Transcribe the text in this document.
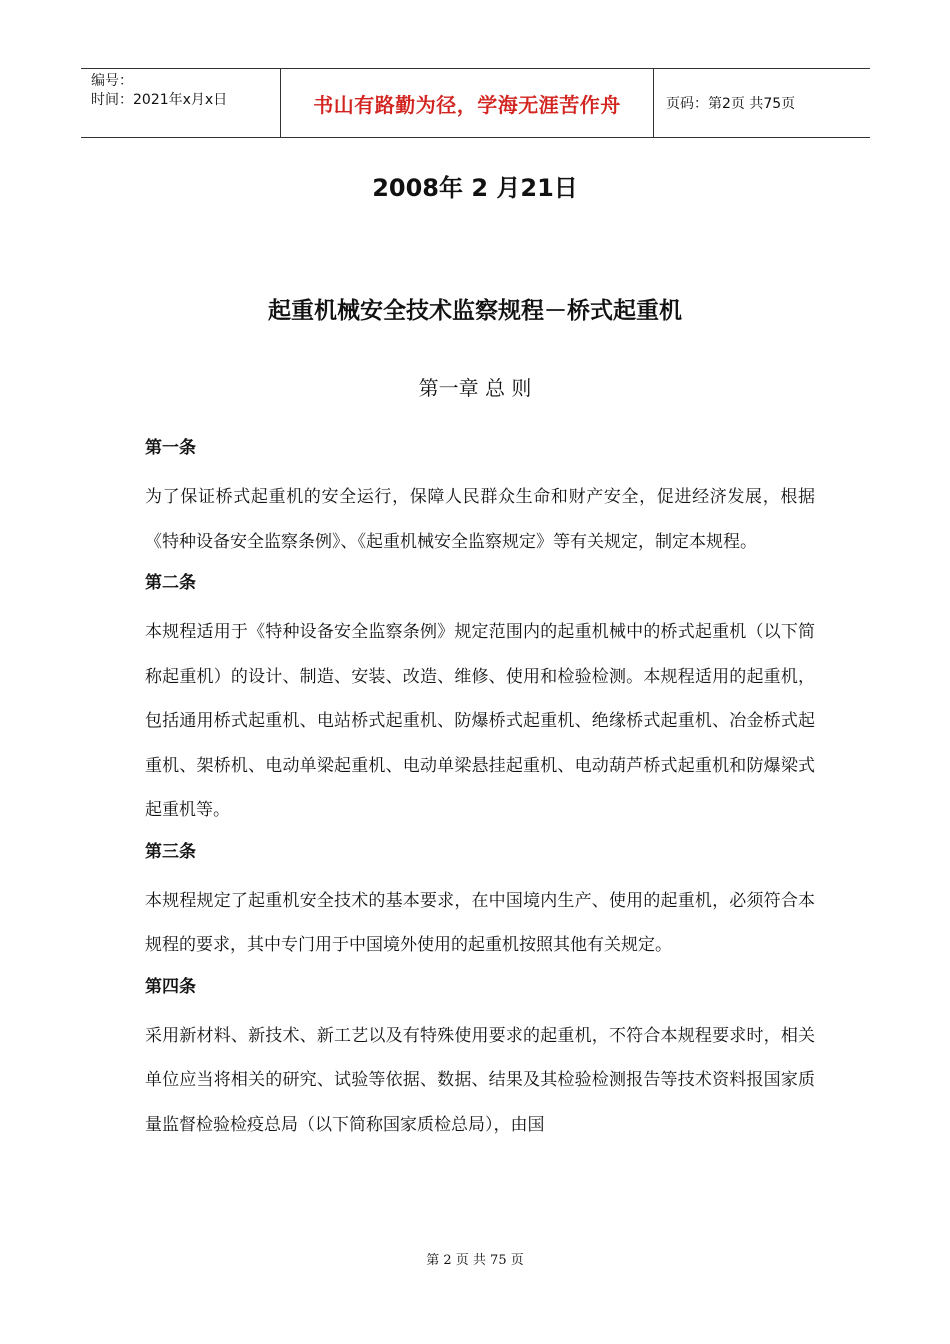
编号：
时间：2021年x月x日	书山有路勤为径，学海无涯苦作舟	页码：第2页 共75页
2008年 2 月21日
起重机械安全技术监察规程－桥式起重机
第一章 总 则
第一条

为了保证桥式起重机的安全运行，保障人民群众生命和财产安全，促进经济发展，根据《特种设备安全监察条例》、《起重机械安全监察规定》等有关规定，制定本规程。

第二条

本规程适用于《特种设备安全监察条例》规定范围内的起重机械中的桥式起重机（以下简称起重机）的设计、制造、安装、改造、维修、使用和检验检测。本规程适用的起重机，包括通用桥式起重机、电站桥式起重机、防爆桥式起重机、绝缘桥式起重机、冶金桥式起重机、架桥机、电动单梁起重机、电动单梁悬挂起重机、电动葫芦桥式起重机和防爆梁式起重机等。

第三条

本规程规定了起重机安全技术的基本要求，在中国境内生产、使用的起重机，必须符合本规程的要求，其中专门用于中国境外使用的起重机按照其他有关规定。

第四条

采用新材料、新技术、新工艺以及有特殊使用要求的起重机，不符合本规程要求时，相关单位应当将相关的研究、试验等依据、数据、结果及其检验检测报告等技术资料报国家质量监督检验检疫总局（以下简称国家质检总局），由国

第 2 页 共 75 页
